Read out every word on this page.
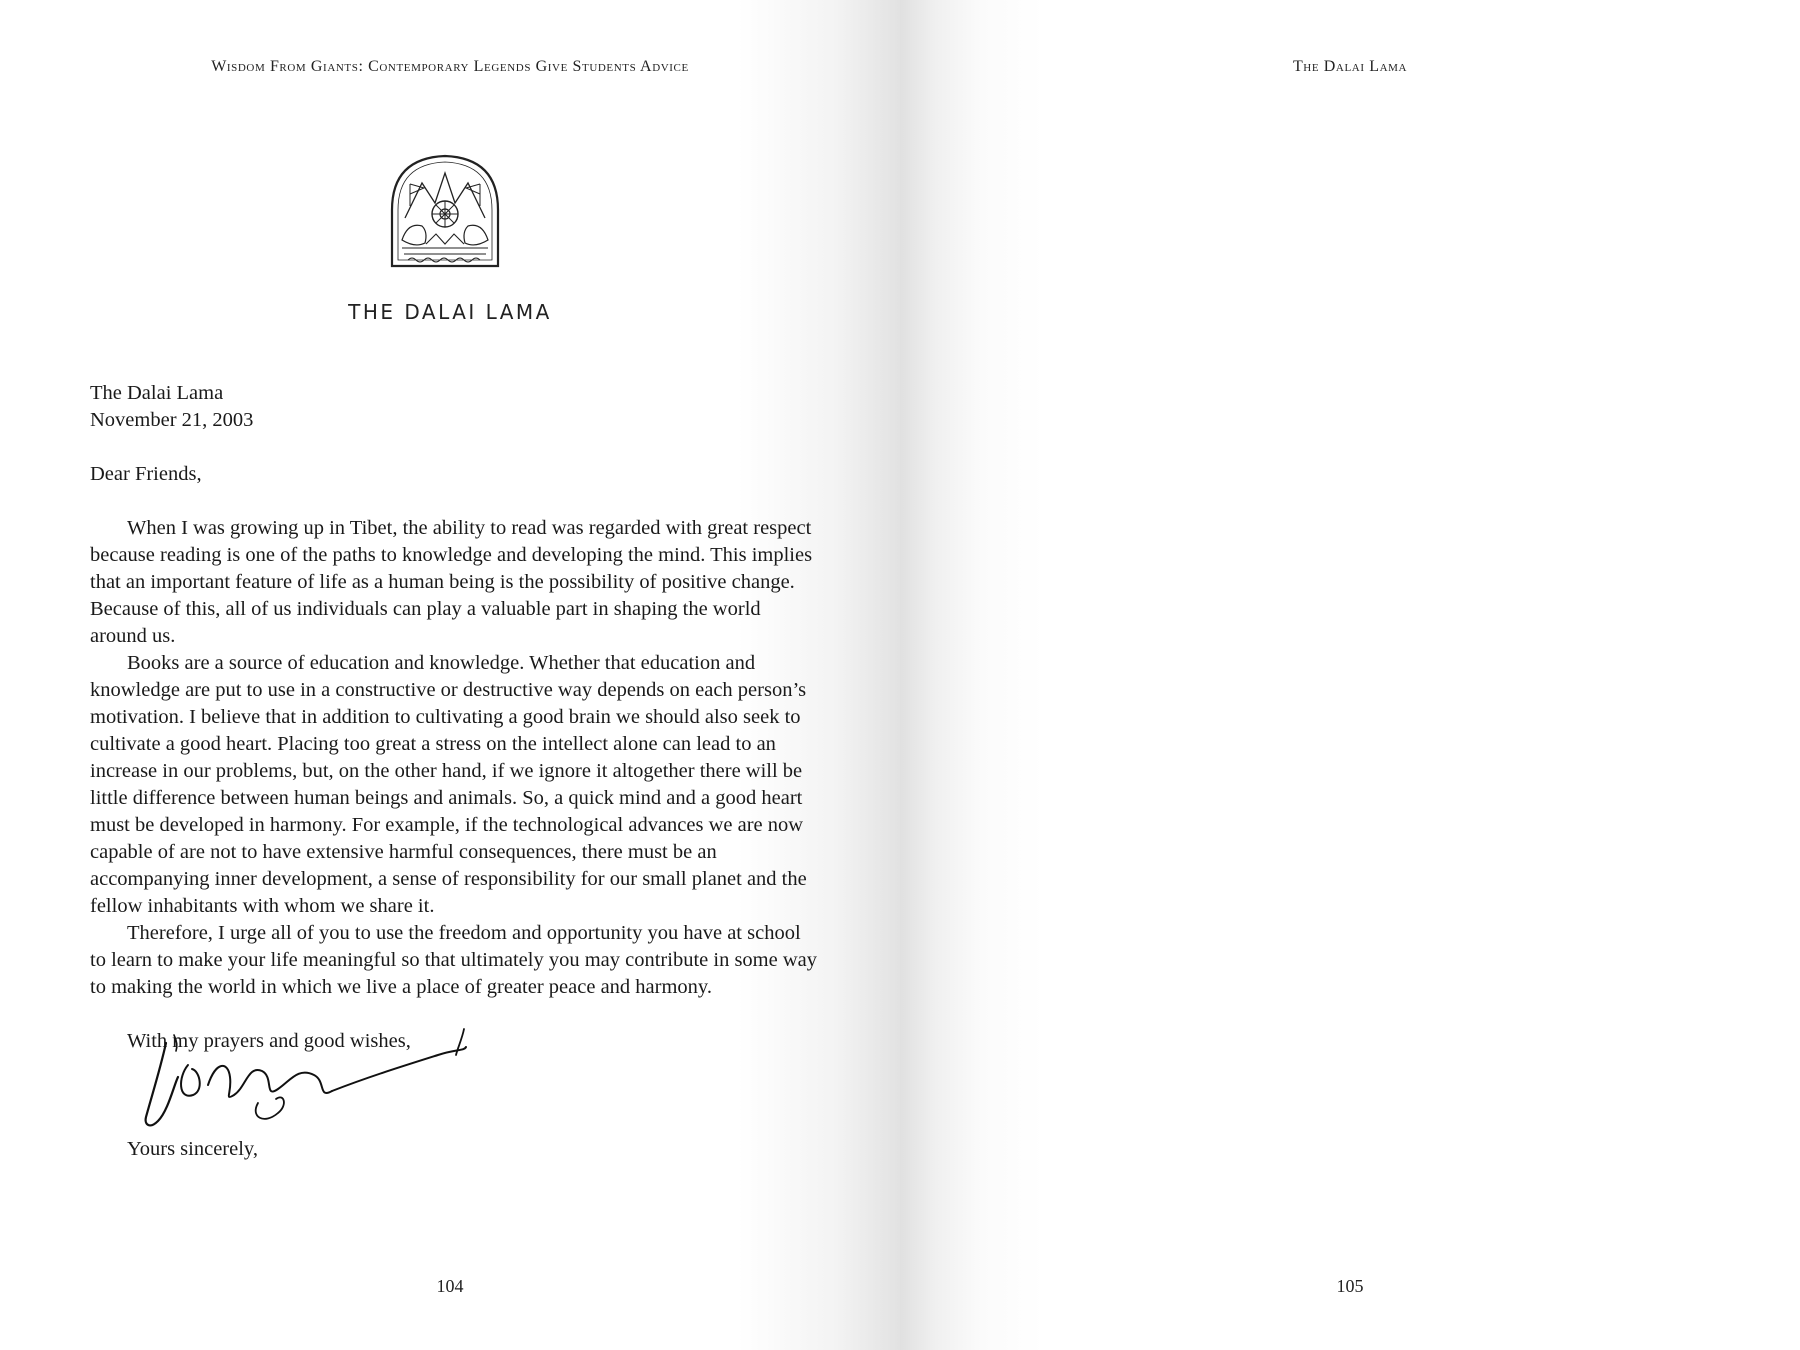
Wisdom From Giants: Contemporary Legends Give Students Advice
THE DALAI LAMA

The Dalai Lama

November 21, 2003

Dear Friends,

When I was growing up in Tibet, the ability to read was regarded with great respect because reading is one of the paths to knowledge and developing the mind. This implies that an important feature of life as a human being is the possibility of positive change. Because of this, all of us individuals can play a valuable part in shaping the world around us.

Books are a source of education and knowledge. Whether that education and knowledge are put to use in a constructive or destructive way depends on each person’s motivation. I believe that in addition to cultivating a good brain we should also seek to cultivate a good heart. Placing too great a stress on the intellect alone can lead to an increase in our problems, but, on the other hand, if we ignore it altogether there will be little difference between human beings and animals. So, a quick mind and a good heart must be developed in harmony. For example, if the technological advances we are now capable of are not to have extensive harmful consequences, there must be an accompanying inner development, a sense of responsibility for our small planet and the fellow inhabitants with whom we share it.

Therefore, I urge all of you to use the freedom and opportunity you have at school to learn to make your life meaningful so that ultimately you may contribute in some way to making the world in which we live a place of greater peace and harmony.

With my prayers and good wishes,
Yours sincerely,
104
The Dalai Lama
105
